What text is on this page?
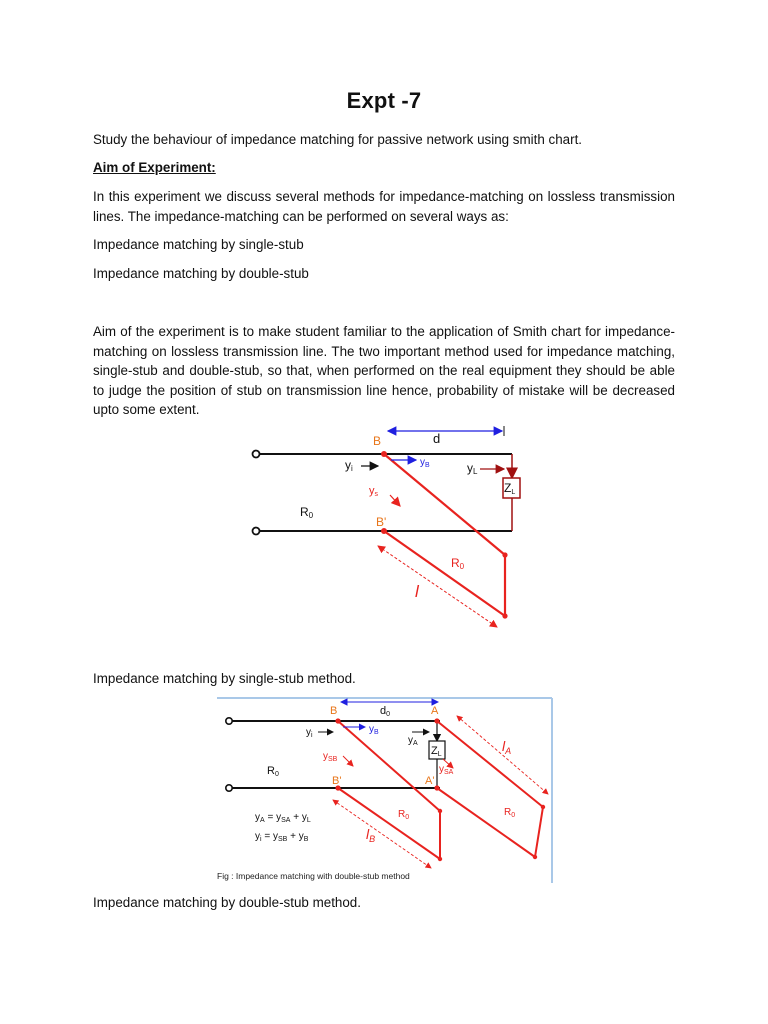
Expt -7
Study the behaviour of impedance matching for passive network using smith chart.
Aim of Experiment:
In this experiment we discuss several methods for impedance-matching on lossless transmission lines. The impedance-matching can be performed on several ways as:
Impedance matching by single-stub
Impedance matching by double-stub
Aim of the experiment is to make student familiar to the application of Smith chart for impedance-matching on lossless transmission line. The two important method used for impedance matching, single-stub and double-stub, so that, when performed on the real equipment they should be able to judge the position of stub on transmission line hence, probability of mistake will be decreased upto some extent.
d
B
yi
$y_B$	yL
ZL
ys
R0	B'
R0
l
Impedance matching by single-stub method.
d0
B	A
$y_i$
$y_B$
$y_A$
ZL
$y_{SB}$
$y_{SA}$
$l_A$
R0
B'	A'
$R_0$	$R_0$
$l_B$
$y_A = y_{SA} + y_L$
$y_i = y_{SB} + y_B$
Fig : Impedance matching with double-stub method
Impedance matching by double-stub method.
